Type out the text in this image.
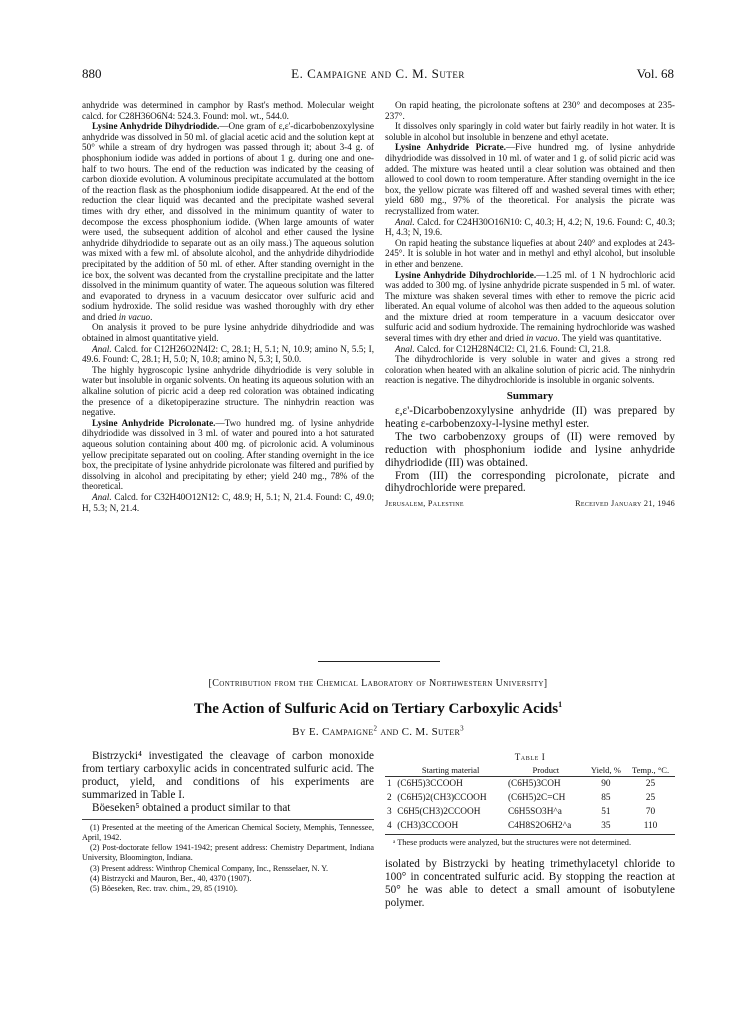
880	E. Campaigne and C. M. Suter	Vol. 68

anhydride was determined in camphor by Rast's method. Molecular weight calcd. for C28H36O6N4: 524.3. Found: mol. wt., 544.0.

Lysine Anhydride Dihydriodide.—One gram of ε,ε'-dicarbobenzoxylysine anhydride was dissolved in 50 ml. of glacial acetic acid and the solution kept at 50° while a stream of dry hydrogen was passed through it; about 3-4 g. of phosphonium iodide was added in portions of about 1 g. during one and one-half to two hours. The end of the reduction was indicated by the ceasing of carbon dioxide evolution. A voluminous precipitate accumulated at the bottom of the reaction flask as the phosphonium iodide disappeared. At the end of the reduction the clear liquid was decanted and the precipitate washed several times with dry ether, and dissolved in the minimum quantity of water to decompose the excess phosphonium iodide. (When large amounts of water were used, the subsequent addition of alcohol and ether caused the lysine anhydride dihydriodide to separate out as an oily mass.) The aqueous solution was mixed with a few ml. of absolute alcohol, and the anhydride dihydriodide precipitated by the addition of 50 ml. of ether. After standing overnight in the ice box, the solvent was decanted from the crystalline precipitate and the latter dissolved in the minimum quantity of water. The aqueous solution was filtered and evaporated to dryness in a vacuum desiccator over sulfuric acid and sodium hydroxide. The solid residue was washed thoroughly with dry ether and dried in vacuo.

On analysis it proved to be pure lysine anhydride dihydriodide and was obtained in almost quantitative yield.

Anal. Calcd. for C12H26O2N4I2: C, 28.1; H, 5.1; N, 10.9; amino N, 5.5; I, 49.6. Found: C, 28.1; H, 5.0; N, 10.8; amino N, 5.3; I, 50.0.

The highly hygroscopic lysine anhydride dihydriodide is very soluble in water but insoluble in organic solvents. On heating its aqueous solution with an alkaline solution of picric acid a deep red coloration was obtained indicating the presence of a diketopiperazine structure. The ninhydrin reaction was negative.

Lysine Anhydride Picrolonate.—Two hundred mg. of lysine anhydride dihydriodide was dissolved in 3 ml. of water and poured into a hot saturated aqueous solution containing about 400 mg. of picrolonic acid. A voluminous yellow precipitate separated out on cooling. After standing overnight in the ice box, the precipitate of lysine anhydride picrolonate was filtered and purified by dissolving in alcohol and precipitating by ether; yield 240 mg., 78% of the theoretical.

Anal. Calcd. for C32H40O12N12: C, 48.9; H, 5.1; N, 21.4. Found: C, 49.0; H, 5.3; N, 21.4.

On rapid heating, the picrolonate softens at 230° and decomposes at 235-237°.

It dissolves only sparingly in cold water but fairly readily in hot water. It is soluble in alcohol but insoluble in benzene and ethyl acetate.

Lysine Anhydride Picrate.—Five hundred mg. of lysine anhydride dihydriodide was dissolved in 10 ml. of water and 1 g. of solid picric acid was added. The mixture was heated until a clear solution was obtained and then allowed to cool down to room temperature. After standing overnight in the ice box, the yellow picrate was filtered off and washed several times with ether; yield 680 mg., 97% of the theoretical. For analysis the picrate was recrystallized from water.

Anal. Calcd. for C24H30O16N10: C, 40.3; H, 4.2; N, 19.6. Found: C, 40.3; H, 4.3; N, 19.6.

On rapid heating the substance liquefies at about 240° and explodes at 243-245°. It is soluble in hot water and in methyl and ethyl alcohol, but insoluble in ether and benzene.

Lysine Anhydride Dihydrochloride.—1.25 ml. of 1 N hydrochloric acid was added to 300 mg. of lysine anhydride picrate suspended in 5 ml. of water. The mixture was shaken several times with ether to remove the picric acid liberated. An equal volume of alcohol was then added to the aqueous solution and the mixture dried at room temperature in a vacuum desiccator over sulfuric acid and sodium hydroxide. The remaining hydrochloride was washed several times with dry ether and dried in vacuo. The yield was quantitative.

Anal. Calcd. for C12H28N4Cl2: Cl, 21.6. Found: Cl, 21.8.

The dihydrochloride is very soluble in water and gives a strong red coloration when heated with an alkaline solution of picric acid. The ninhydrin reaction is negative. The dihydrochloride is insoluble in organic solvents.

Summary

ε,ε'-Dicarbobenzoxylysine anhydride (II) was prepared by heating ε-carbobenzoxy-l-lysine methyl ester.

The two carbobenzoxy groups of (II) were removed by reduction with phosphonium iodide and lysine anhydride dihydriodide (III) was obtained.

From (III) the corresponding picrolonate, picrate and dihydrochloride were prepared.

Jerusalem, Palestine	Received January 21, 1946
[Contribution from the Chemical Laboratory of Northwestern University]
The Action of Sulfuric Acid on Tertiary Carboxylic Acids$^1$
By E. Campaigne$^2$ and C. M. Suter$^3$

Bistrzycki⁴ investigated the cleavage of carbon monoxide from tertiary carboxylic acids in concentrated sulfuric acid. The product, yield, and conditions of his experiments are summarized in Table I.

Böeseken⁵ obtained a product similar to that

(1) Presented at the meeting of the American Chemical Society, Memphis, Tennessee, April, 1942.

(2) Post-doctorate fellow 1941-1942; present address: Chemistry Department, Indiana University, Bloomington, Indiana.

(3) Present address: Winthrop Chemical Company, Inc., Rensselaer, N. Y.

(4) Bistrzycki and Mauron, Ber., 40, 4370 (1907).

(5) Böeseken, Rec. trav. chim., 29, 85 (1910).

Table I
	Starting material	Product	Yield, %	Temp., °C.
1	(C6H5)3CCOOH	(C6H5)3COH	90	25
2	(C6H5)2(CH3)CCOOH	(C6H5)2C=CH	85	25
3	C6H5(CH3)2CCOOH	C6H5SO3H^a	51	70
4	(CH3)3CCOOH	C4H8S2O6H2^a	35	110
ᵃ These products were analyzed, but the structures were not determined.

isolated by Bistrzycki by heating trimethylacetyl chloride to 100° in concentrated sulfuric acid. By stopping the reaction at 50° he was able to detect a small amount of isobutylene polymer.
